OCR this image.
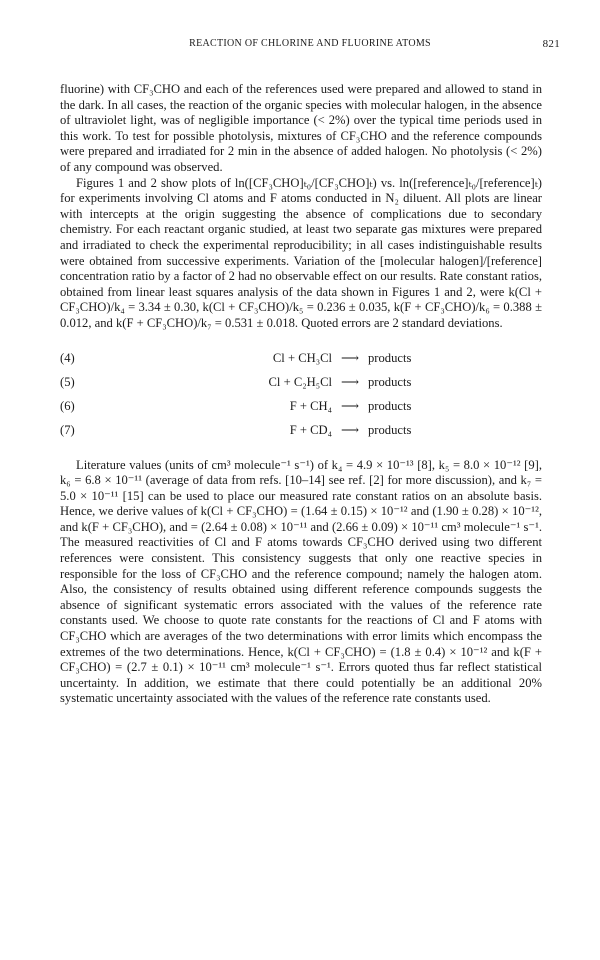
REACTION OF CHLORINE AND FLUORINE ATOMS	821

fluorine) with CF₃CHO and each of the references used were prepared and allowed to stand in the dark. In all cases, the reaction of the organic species with molecular halogen, in the absence of ultraviolet light, was of negligible importance (< 2%) over the typical time periods used in this work. To test for possible photolysis, mixtures of CF₃CHO and the reference compounds were prepared and irradiated for 2 min in the absence of added halogen. No photolysis (< 2%) of any compound was observed.

Figures 1 and 2 show plots of ln([CF₃CHO]ₜ₀/[CF₃CHO]ₜ) vs. ln([reference]ₜ₀/[reference]ₜ) for experiments involving Cl atoms and F atoms conducted in N₂ diluent. All plots are linear with intercepts at the origin suggesting the absence of complications due to secondary chemistry. For each reactant organic studied, at least two separate gas mixtures were prepared and irradiated to check the experimental reproducibility; in all cases indistinguishable results were obtained from successive experiments. Variation of the [molecular halogen]/[reference] concentration ratio by a factor of 2 had no observable effect on our results. Rate constant ratios, obtained from linear least squares analysis of the data shown in Figures 1 and 2, were k(Cl + CF₃CHO)/k₄ = 3.34 ± 0.30, k(Cl + CF₃CHO)/k₅ = 0.236 ± 0.035, k(F + CF₃CHO)/k₆ = 0.388 ± 0.012, and k(F + CF₃CHO)/k₇ = 0.531 ± 0.018. Quoted errors are 2 standard deviations.

(4)	Cl + CH₃Cl ⟶ products
(5)	Cl + C₂H₅Cl ⟶ products
(6)	F + CH₄ ⟶ products
(7)	F + CD₄ ⟶ products

Literature values (units of cm³ molecule⁻¹ s⁻¹) of k₄ = 4.9 × 10⁻¹³ [8], k₅ = 8.0 × 10⁻¹² [9], k₆ = 6.8 × 10⁻¹¹ (average of data from refs. [10–14] see ref. [2] for more discussion), and k₇ = 5.0 × 10⁻¹¹ [15] can be used to place our measured rate constant ratios on an absolute basis. Hence, we derive values of k(Cl + CF₃CHO) = (1.64 ± 0.15) × 10⁻¹² and (1.90 ± 0.28) × 10⁻¹², and k(F + CF₃CHO), and = (2.64 ± 0.08) × 10⁻¹¹ and (2.66 ± 0.09) × 10⁻¹¹ cm³ molecule⁻¹ s⁻¹. The measured reactivities of Cl and F atoms towards CF₃CHO derived using two different references were consistent. This consistency suggests that only one reactive species in responsible for the loss of CF₃CHO and the reference compound; namely the halogen atom. Also, the consistency of results obtained using different reference compounds suggests the absence of significant systematic errors associated with the values of the reference rate constants used. We choose to quote rate constants for the reactions of Cl and F atoms with CF₃CHO which are averages of the two determinations with error limits which encompass the extremes of the two determinations. Hence, k(Cl + CF₃CHO) = (1.8 ± 0.4) × 10⁻¹² and k(F + CF₃CHO) = (2.7 ± 0.1) × 10⁻¹¹ cm³ molecule⁻¹ s⁻¹. Errors quoted thus far reflect statistical uncertainty. In addition, we estimate that there could potentially be an additional 20% systematic uncertainty associated with the values of the reference rate constants used.
